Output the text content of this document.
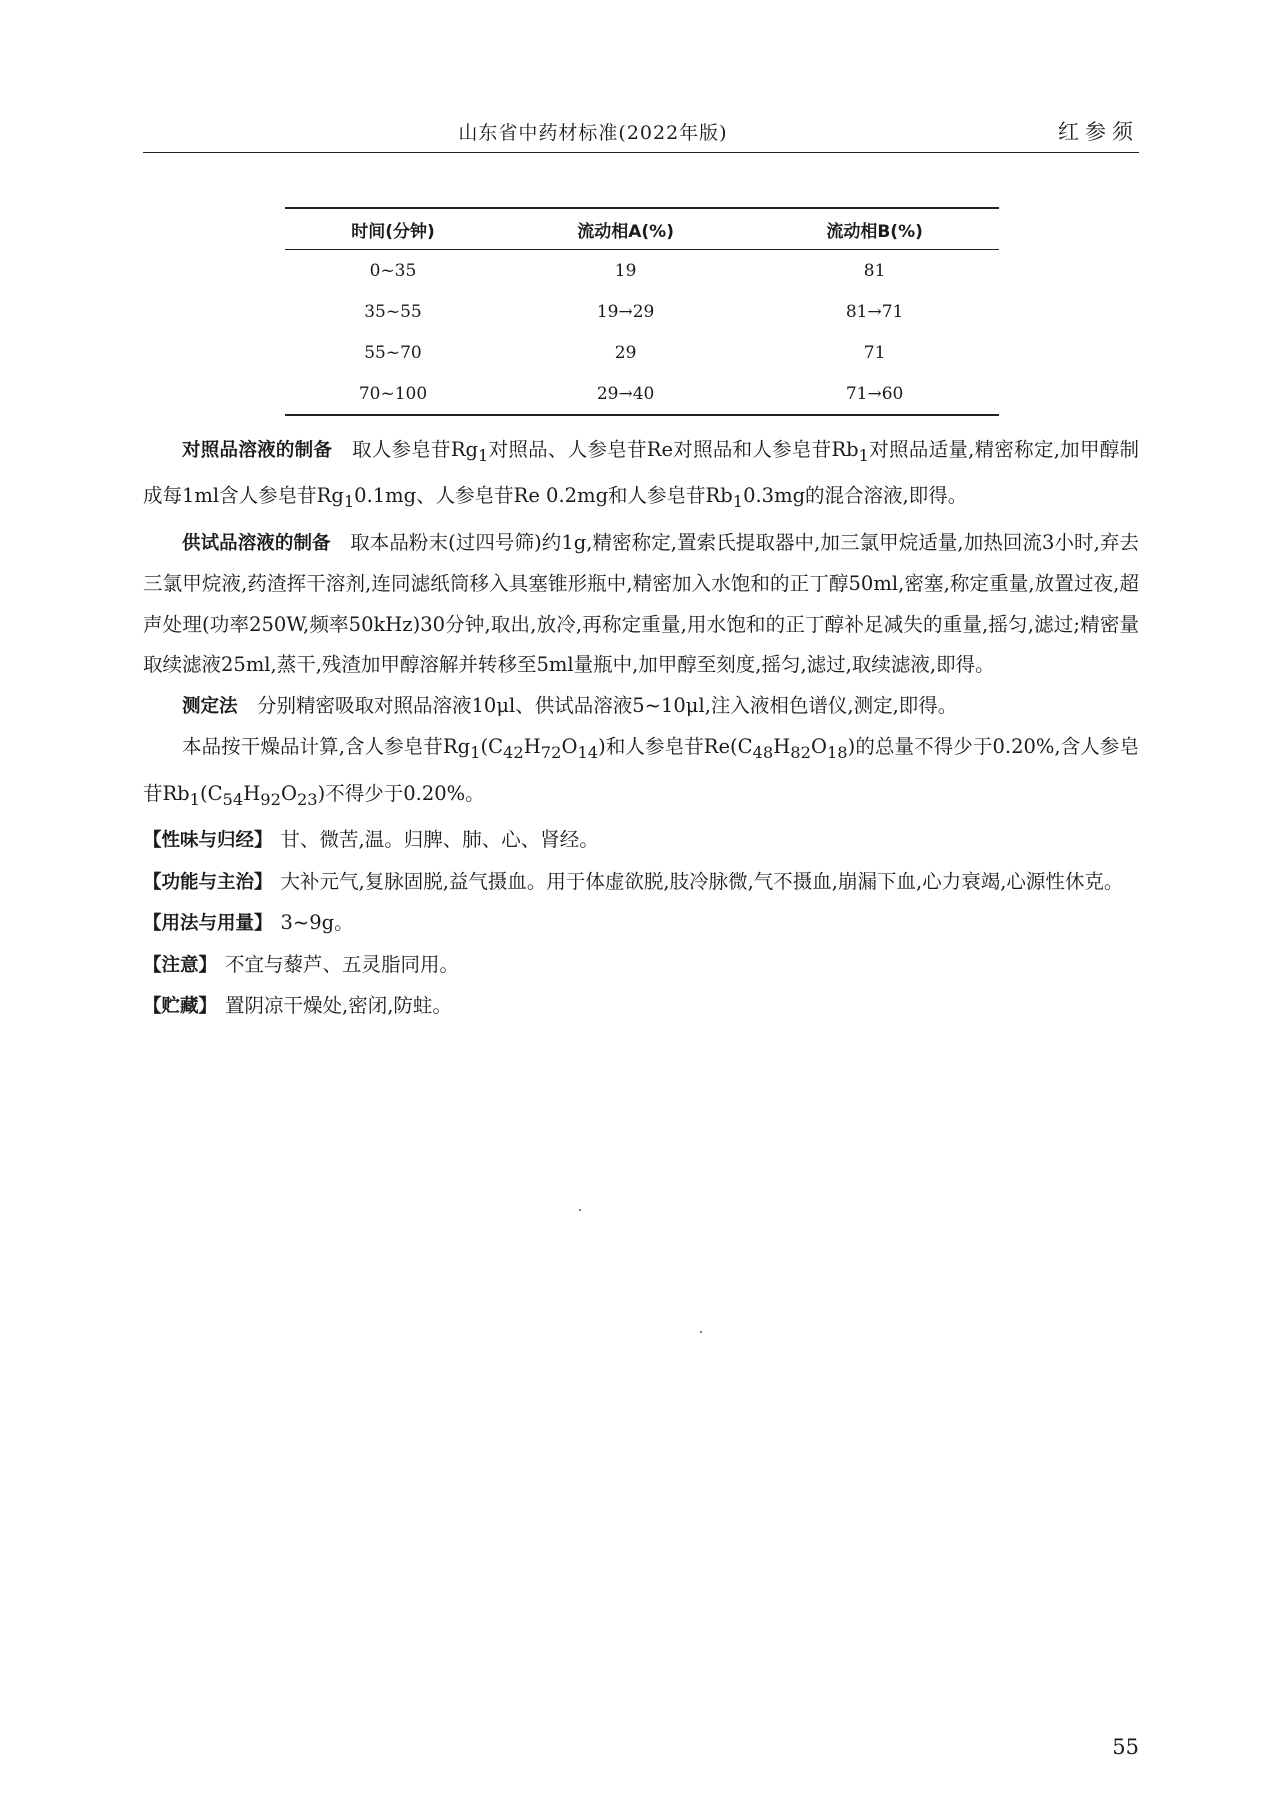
山东省中药材标准(2022年版)	红参须
时间(分钟)	流动相A(%)	流动相B(%)
0~35	19	81
35~55	19→29	81→71
55~70	29	71
70~100	29→40	71→60

对照品溶液的制备  取人参皂苷$Rg_1$对照品、人参皂苷Re对照品和人参皂苷$Rb_1$对照品适量,精密称定,加甲醇制成每1ml含人参皂苷$Rg_10.1mg$、人参皂苷Re 0.2mg和人参皂苷$Rb_10.3mg$的混合溶液,即得。

供试品溶液的制备  取本品粉末(过四号筛)约1g,精密称定,置索氏提取器中,加三氯甲烷适量,加热回流3小时,弃去三氯甲烷液,药渣挥干溶剂,连同滤纸筒移入具塞锥形瓶中,精密加入水饱和的正丁醇50ml,密塞,称定重量,放置过夜,超声处理(功率250W,频率50kHz)30分钟,取出,放冷,再称定重量,用水饱和的正丁醇补足减失的重量,摇匀,滤过;精密量取续滤液25ml,蒸干,残渣加甲醇溶解并转移至5ml量瓶中,加甲醇至刻度,摇匀,滤过,取续滤液,即得。

测定法  分别精密吸取对照品溶液10μl、供试品溶液5~10μl,注入液相色谱仪,测定,即得。

本品按干燥品计算,含人参皂苷$Rg_1(C_{42}H_{72}O_{14})$和人参皂苷$Re(C_{48}H_{82}O_{18})$的总量不得少于0.20%,含人参皂苷$Rb_1(C_{54}H_{92}O_{23})$不得少于0.20%。

【性味与归经】 甘、微苦,温。归脾、肺、心、肾经。

【功能与主治】 大补元气,复脉固脱,益气摄血。用于体虚欲脱,肢冷脉微,气不摄血,崩漏下血,心力衰竭,心源性休克。

【用法与用量】 3~9g。

【注意】 不宜与藜芦、五灵脂同用。

【贮藏】 置阴凉干燥处,密闭,防蛀。

55
